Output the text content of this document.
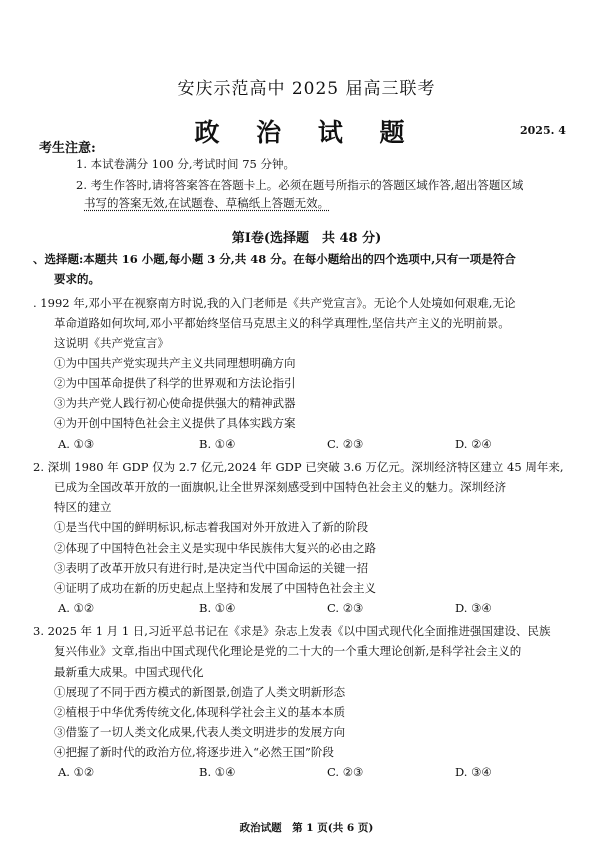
安庆示范高中 2025 届高三联考
政 治 试 题	2025. 4
考生注意:
1. 本试卷满分 100 分,考试时间 75 分钟。
2. 考生作答时,请将答案答在答题卡上。必须在题号所指示的答题区域作答,超出答题区域
书写的答案无效,在试题卷、草稿纸上答题无效。
第Ⅰ卷(选择题　共 48 分)
、选择题:本题共 16 小题,每小题 3 分,共 48 分。在每小题给出的四个选项中,只有一项是符合
要求的。
. 1992 年,邓小平在视察南方时说,我的入门老师是《共产党宣言》。无论个人处境如何艰难,无论
革命道路如何坎坷,邓小平都始终坚信马克思主义的科学真理性,坚信共产主义的光明前景。
这说明《共产党宣言》
①为中国共产党实现共产主义共同理想明确方向
②为中国革命提供了科学的世界观和方法论指引
③为共产党人践行初心使命提供强大的精神武器
④为开创中国特色社会主义提供了具体实践方案
A. ①③	B. ①④	C. ②③	D. ②④
2. 深圳 1980 年 GDP 仅为 2.7 亿元,2024 年 GDP 已突破 3.6 万亿元。深圳经济特区建立 45 周年来,
已成为全国改革开放的一面旗帜,让全世界深刻感受到中国特色社会主义的魅力。深圳经济
特区的建立
①是当代中国的鲜明标识,标志着我国对外开放进入了新的阶段
②体现了中国特色社会主义是实现中华民族伟大复兴的必由之路
③表明了改革开放只有进行时,是决定当代中国命运的关键一招
④证明了成功在新的历史起点上坚持和发展了中国特色社会主义
A. ①②	B. ①④	C. ②③	D. ③④
3. 2025 年 1 月 1 日,习近平总书记在《求是》杂志上发表《以中国式现代化全面推进强国建设、民族
复兴伟业》文章,指出中国式现代化理论是党的二十大的一个重大理论创新,是科学社会主义的
最新重大成果。中国式现代化
①展现了不同于西方模式的新图景,创造了人类文明新形态
②植根于中华优秀传统文化,体现科学社会主义的基本本质
③借鉴了一切人类文化成果,代表人类文明进步的发展方向
④把握了新时代的政治方位,将逐步进入“必然王国”阶段
A. ①②	B. ①④	C. ②③	D. ③④
政治试题　第 1 页(共 6 页)
